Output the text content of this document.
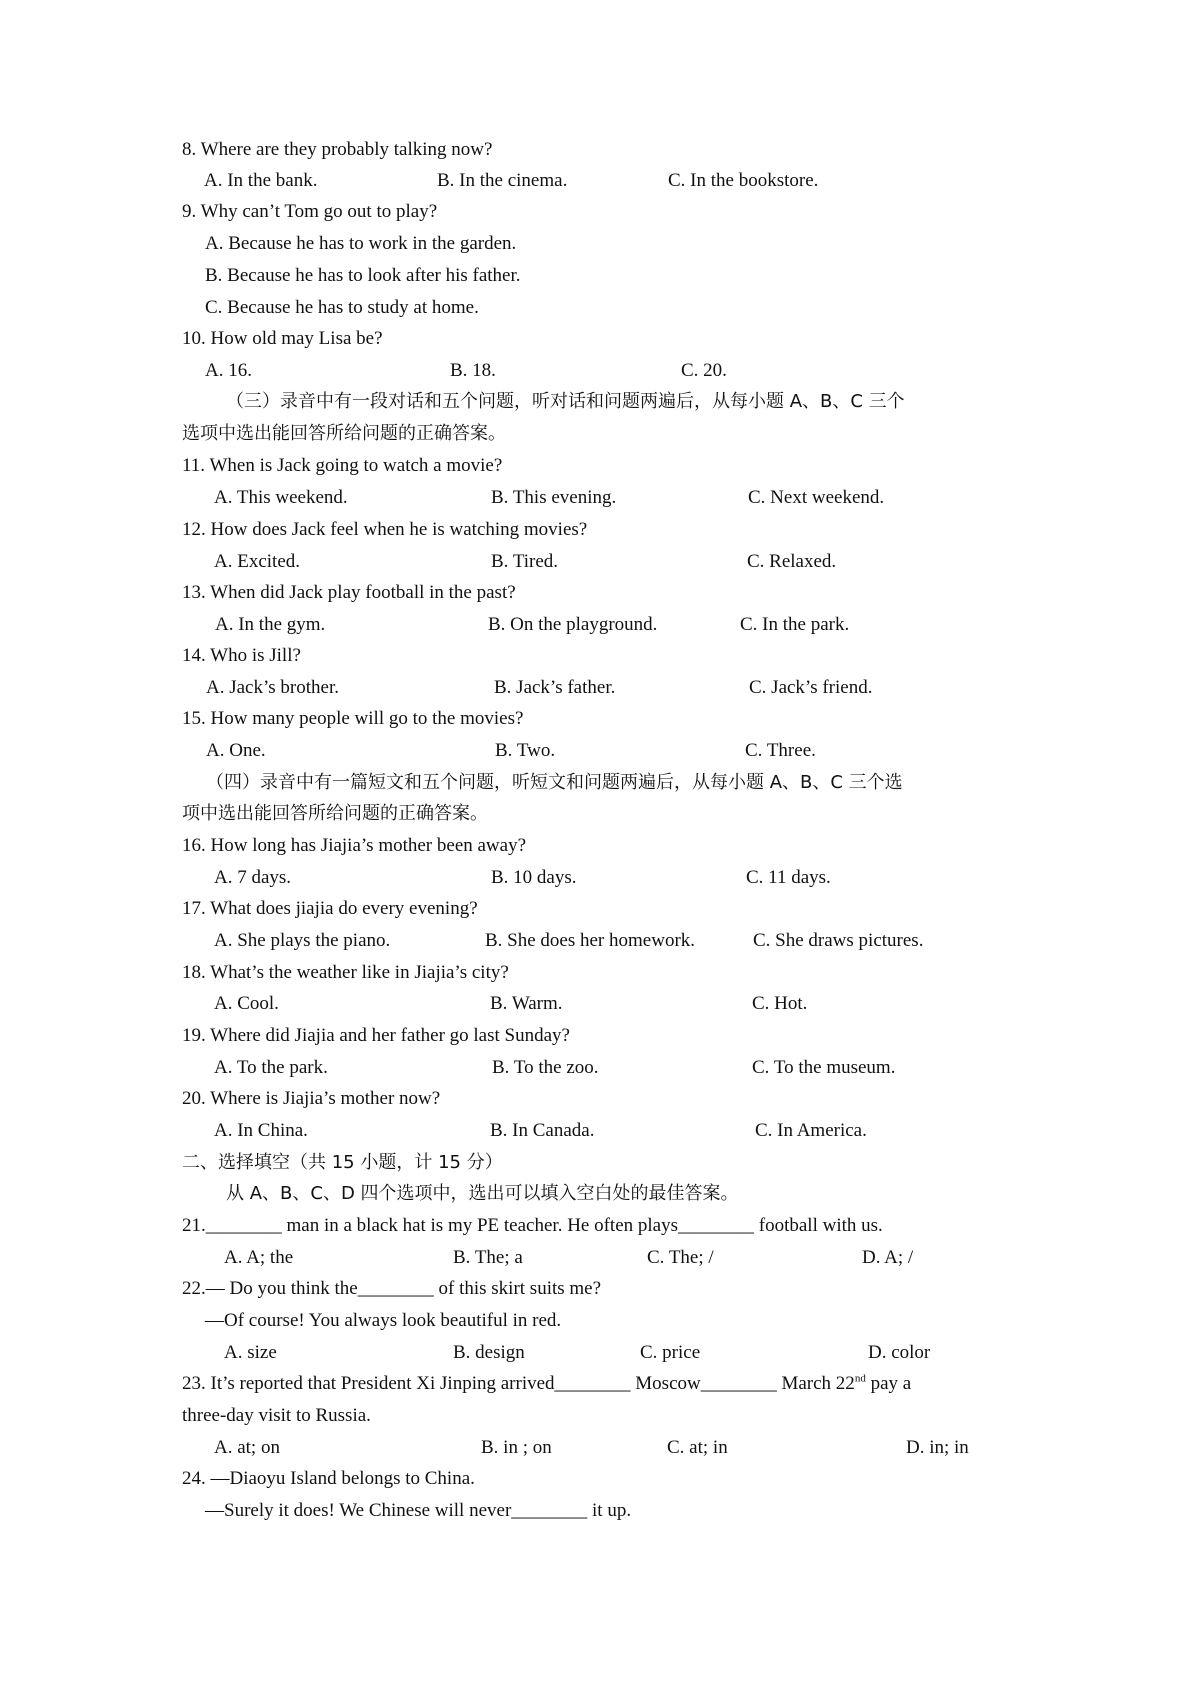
8. Where are they probably talking now?
A. In the bank.	B. In the cinema.	C. In the bookstore.
9. Why can’t Tom go out to play?
A. Because he has to work in the garden.
B. Because he has to look after his father.
C. Because he has to study at home.
10. How old may Lisa be?
A. 16.	B. 18.	C. 20.
（三）录音中有一段对话和五个问题，听对话和问题两遍后，从每小题 A、B、C 三个
选项中选出能回答所给问题的正确答案。
11. When is Jack going to watch a movie?
A. This weekend.	B. This evening.	C. Next weekend.
12. How does Jack feel when he is watching movies?
A. Excited.	B. Tired.	C. Relaxed.
13. When did Jack play football in the past?
A. In the gym.	B. On the playground.	C. In the park.
14. Who is Jill?
A. Jack’s brother.	B. Jack’s father.	C. Jack’s friend.
15. How many people will go to the movies?
A. One.	B. Two.	C. Three.
（四）录音中有一篇短文和五个问题，听短文和问题两遍后，从每小题 A、B、C 三个选
项中选出能回答所给问题的正确答案。
16. How long has Jiajia’s mother been away?
A. 7 days.	B. 10 days.	C. 11 days.
17. What does jiajia do every evening?
A. She plays the piano.	B. She does her homework.	C. She draws pictures.
18. What’s the weather like in Jiajia’s city?
A. Cool.	B. Warm.	C. Hot.
19. Where did Jiajia and her father go last Sunday?
A. To the park.	B. To the zoo.	C. To the museum.
20. Where is Jiajia’s mother now?
A. In China.	B. In Canada.	C. In America.
二、选择填空（共 15 小题，计 15 分）
从 A、B、C、D 四个选项中，选出可以填入空白处的最佳答案。
21.________ man in a black hat is my PE teacher. He often plays________ football with us.
A. A; the	B. The; a	C. The; /	D. A; /
22.— Do you think the________ of this skirt suits me?
—Of course! You always look beautiful in red.
A. size	B. design	C. price	D. color
23. It’s reported that President Xi Jinping arrived________ Moscow________ March 22nd pay a
three-day visit to Russia.
A. at; on	B. in ; on	C. at; in	D. in; in
24. —Diaoyu Island belongs to China.
—Surely it does! We Chinese will never________ it up.
